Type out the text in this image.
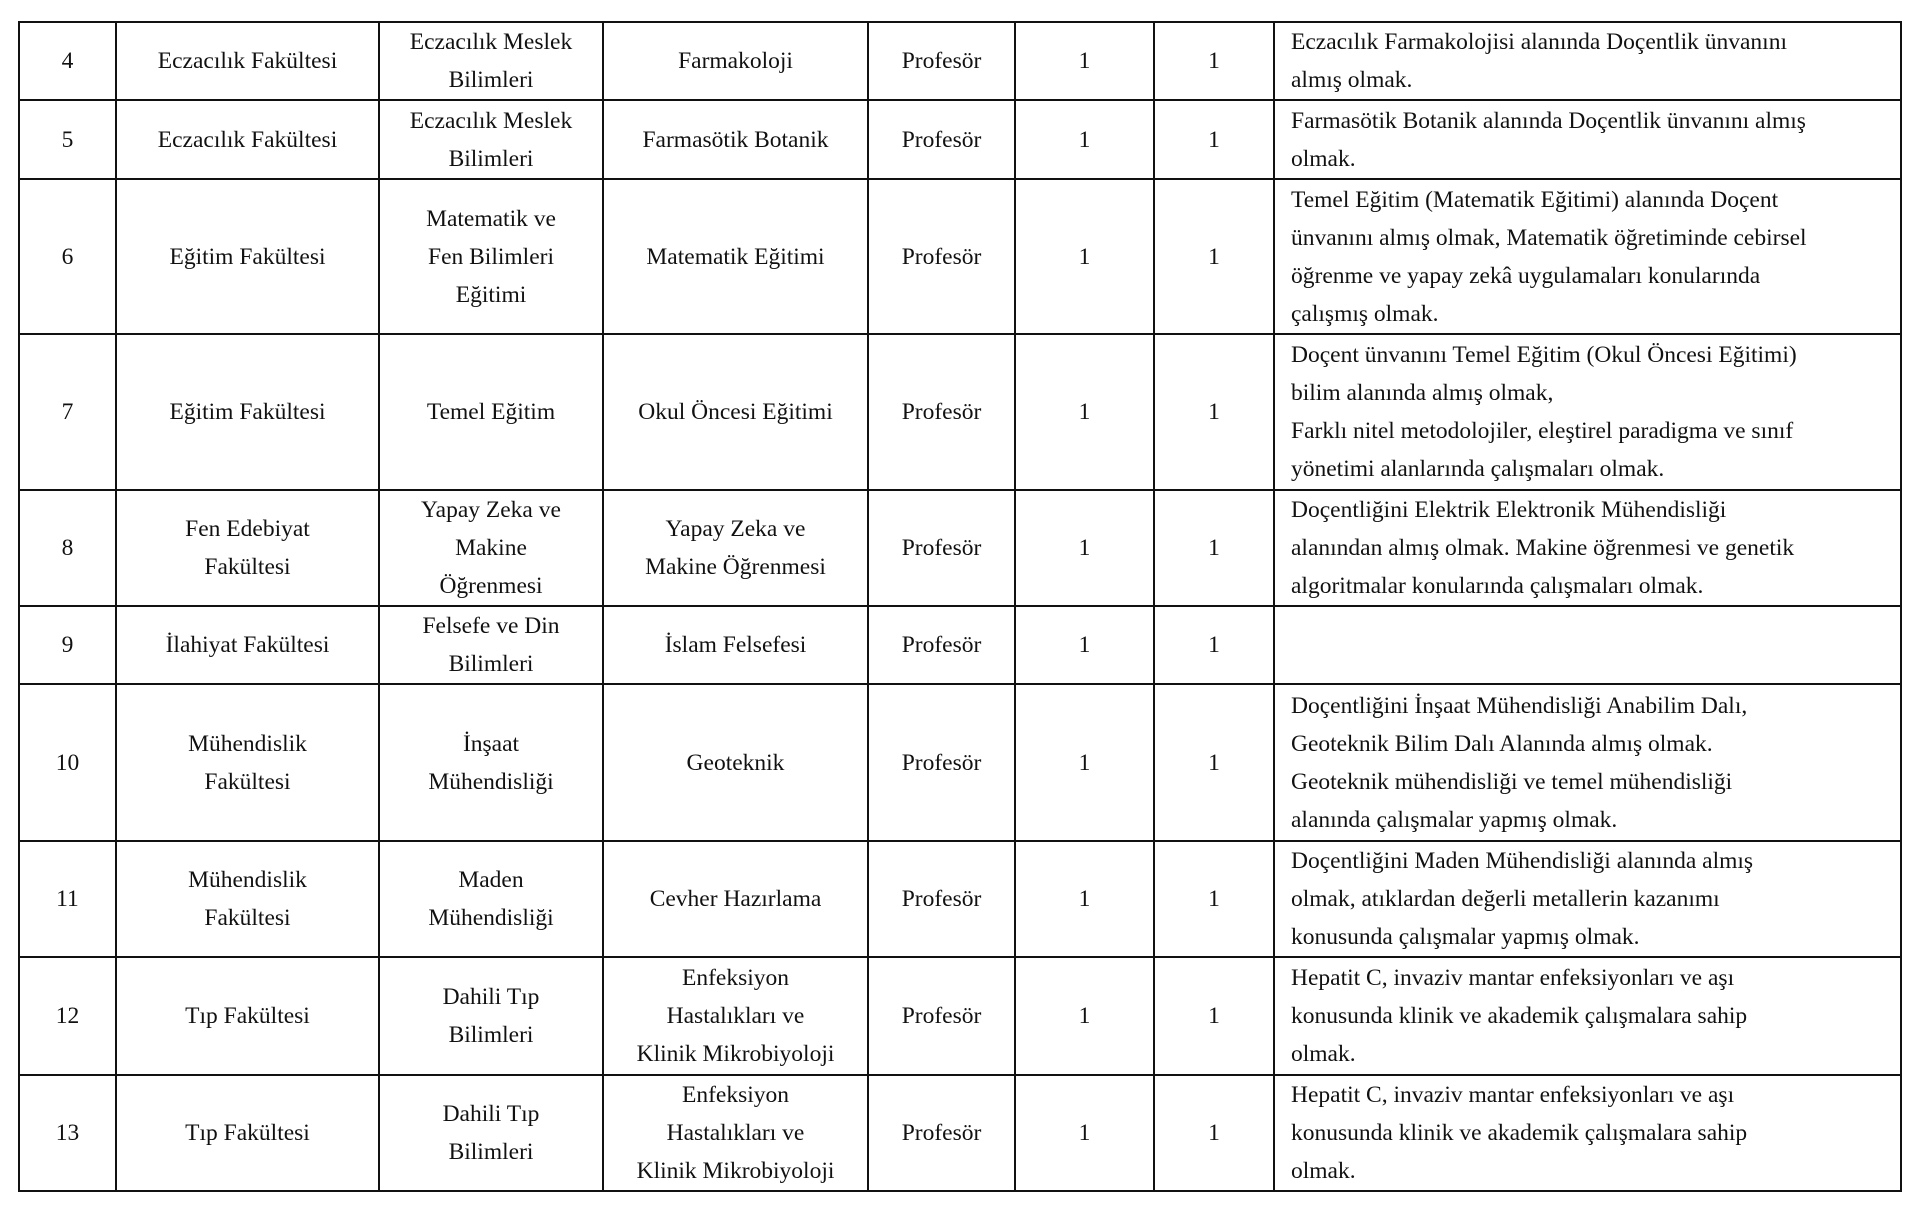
4	Eczacılık Fakültesi	Eczacılık Meslek
Bilimleri	Farmakoloji	Profesör	1	1	Eczacılık Farmakolojisi alanında Doçentlik ünvanını
almış olmak.
5	Eczacılık Fakültesi	Eczacılık Meslek
Bilimleri	Farmasötik Botanik	Profesör	1	1	Farmasötik Botanik alanında Doçentlik ünvanını almış
olmak.
6	Eğitim Fakültesi	Matematik ve
Fen Bilimleri
Eğitimi	Matematik Eğitimi	Profesör	1	1	Temel Eğitim (Matematik Eğitimi) alanında Doçent
ünvanını almış olmak, Matematik öğretiminde cebirsel
öğrenme ve yapay zekâ uygulamaları konularında
çalışmış olmak.
7	Eğitim Fakültesi	Temel Eğitim	Okul Öncesi Eğitimi	Profesör	1	1	Doçent ünvanını Temel Eğitim (Okul Öncesi Eğitimi)
bilim alanında almış olmak,
Farklı nitel metodolojiler, eleştirel paradigma ve sınıf
yönetimi alanlarında çalışmaları olmak.
8	Fen Edebiyat
Fakültesi	Yapay Zeka ve
Makine
Öğrenmesi	Yapay Zeka ve
Makine Öğrenmesi	Profesör	1	1	Doçentliğini Elektrik Elektronik Mühendisliği
alanından almış olmak. Makine öğrenmesi ve genetik
algoritmalar konularında çalışmaları olmak.
9	İlahiyat Fakültesi	Felsefe ve Din
Bilimleri	İslam Felsefesi	Profesör	1	1	
10	Mühendislik
Fakültesi	İnşaat
Mühendisliği	Geoteknik	Profesör	1	1	Doçentliğini İnşaat Mühendisliği Anabilim Dalı,
Geoteknik Bilim Dalı Alanında almış olmak.
Geoteknik mühendisliği ve temel mühendisliği
alanında çalışmalar yapmış olmak.
11	Mühendislik
Fakültesi	Maden
Mühendisliği	Cevher Hazırlama	Profesör	1	1	Doçentliğini Maden Mühendisliği alanında almış
olmak, atıklardan değerli metallerin kazanımı
konusunda çalışmalar yapmış olmak.
12	Tıp Fakültesi	Dahili Tıp
Bilimleri	Enfeksiyon
Hastalıkları ve
Klinik Mikrobiyoloji	Profesör	1	1	Hepatit C, invaziv mantar enfeksiyonları ve aşı
konusunda klinik ve akademik çalışmalara sahip
olmak.
13	Tıp Fakültesi	Dahili Tıp
Bilimleri	Enfeksiyon
Hastalıkları ve
Klinik Mikrobiyoloji	Profesör	1	1	Hepatit C, invaziv mantar enfeksiyonları ve aşı
konusunda klinik ve akademik çalışmalara sahip
olmak.
